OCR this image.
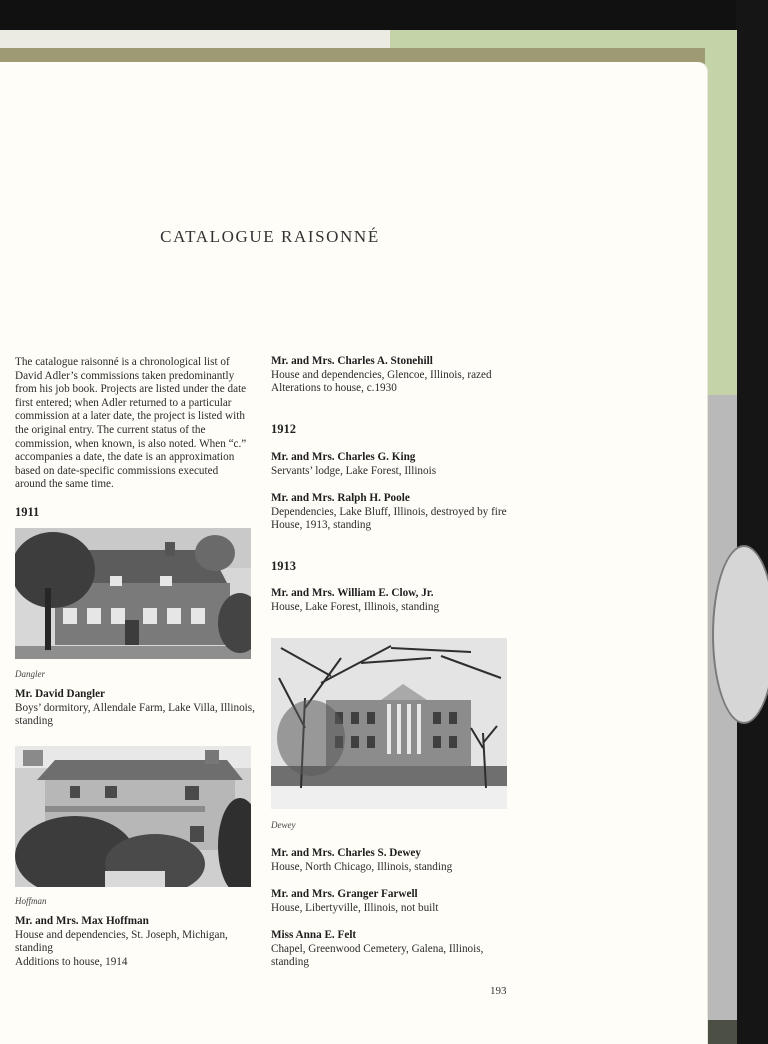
CATALOGUE RAISONNÉ
The catalogue raisonné is a chronological list of David Adler’s commissions taken predominantly from his job book. Projects are listed under the date first entered; when Adler returned to a particular commission at a later date, the project is listed with the original entry. The current status of the commission, when known, is also noted. When “c.” accompanies a date, the date is an approximation based on date-specific commissions executed around the same time.
1911
Dangler
Mr. David Dangler
Boys’ dormitory, Allendale Farm, Lake Villa, Illinois,
standing
Hoffman
Mr. and Mrs. Max Hoffman
House and dependencies, St. Joseph, Michigan,
standing
Additions to house, 1914
Mr. and Mrs. Charles A. Stonehill
House and dependencies, Glencoe, Illinois, razed
Alterations to house, c.1930
1912
Mr. and Mrs. Charles G. King
Servants’ lodge, Lake Forest, Illinois
Mr. and Mrs. Ralph H. Poole
Dependencies, Lake Bluff, Illinois, destroyed by fire
House, 1913, standing
1913
Mr. and Mrs. William E. Clow, Jr.
House, Lake Forest, Illinois, standing
Dewey
Mr. and Mrs. Charles S. Dewey
House, North Chicago, Illinois, standing
Mr. and Mrs. Granger Farwell
House, Libertyville, Illinois, not built
Miss Anna E. Felt
Chapel, Greenwood Cemetery, Galena, Illinois,
standing
193
